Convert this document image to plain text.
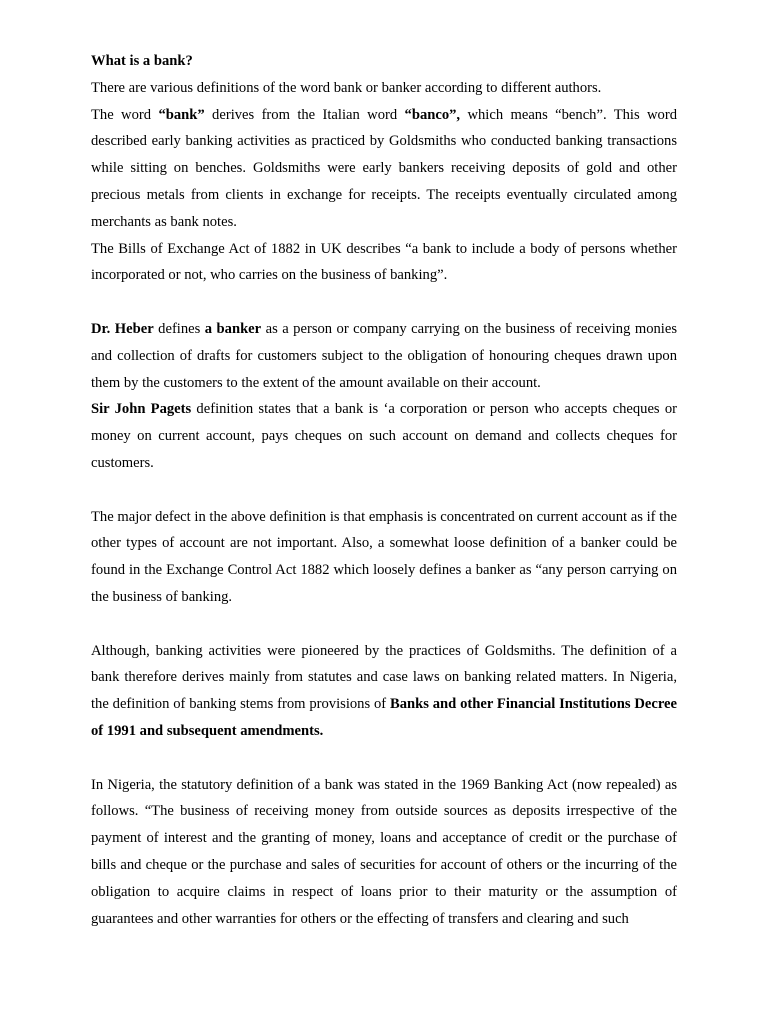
What is a bank?

There are various definitions of the word bank or banker according to different authors.

The word “bank” derives from the Italian word “banco”, which means “bench”. This word described early banking activities as practiced by Goldsmiths who conducted banking transactions while sitting on benches. Goldsmiths were early bankers receiving deposits of gold and other precious metals from clients in exchange for receipts. The receipts eventually circulated among merchants as bank notes.

The Bills of Exchange Act of 1882 in UK describes “a bank to include a body of persons whether incorporated or not, who carries on the business of banking”.

Dr. Heber defines a banker as a person or company carrying on the business of receiving monies and collection of drafts for customers subject to the obligation of honouring cheques drawn upon them by the customers to the extent of the amount available on their account.

Sir John Pagets definition states that a bank is ‘a corporation or person who accepts cheques or money on current account, pays cheques on such account on demand and collects cheques for customers.

The major defect in the above definition is that emphasis is concentrated on current account as if the other types of account are not important. Also, a somewhat loose definition of a banker could be found in the Exchange Control Act 1882 which loosely defines a banker as “any person carrying on the business of banking.

Although, banking activities were pioneered by the practices of Goldsmiths. The definition of a bank therefore derives mainly from statutes and case laws on banking related matters. In Nigeria, the definition of banking stems from provisions of Banks and other Financial Institutions Decree of 1991 and subsequent amendments.

In Nigeria, the statutory definition of a bank was stated in the 1969 Banking Act (now repealed) as follows. “The business of receiving money from outside sources as deposits irrespective of the payment of interest and the granting of money, loans and acceptance of credit or the purchase of bills and cheque or the purchase and sales of securities for account of others or the incurring of the obligation to acquire claims in respect of loans prior to their maturity or the assumption of guarantees and other warranties for others or the effecting of transfers and clearing and such
